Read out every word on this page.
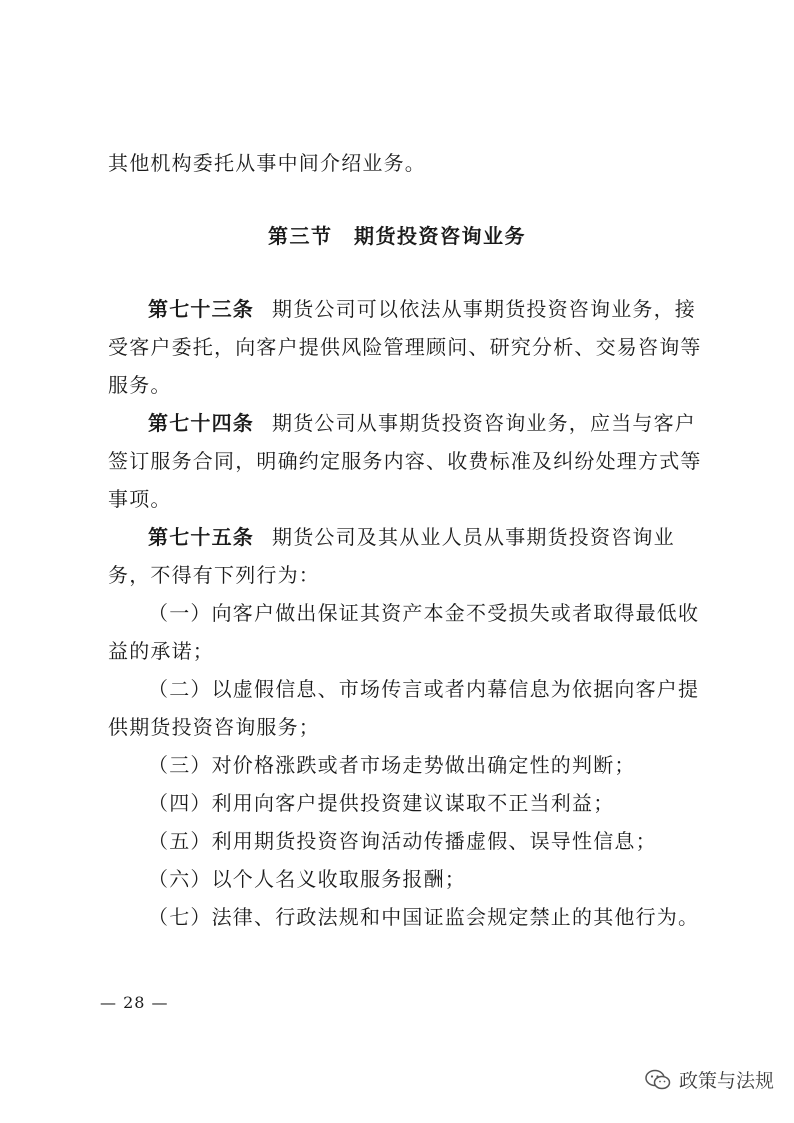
其他机构委托从事中间介绍业务。
第三节　期货投资咨询业务
第七十三条 期货公司可以依法从事期货投资咨询业务，接
受客户委托，向客户提供风险管理顾问、研究分析、交易咨询等
服务。
第七十四条 期货公司从事期货投资咨询业务，应当与客户
签订服务合同，明确约定服务内容、收费标准及纠纷处理方式等
事项。
第七十五条 期货公司及其从业人员从事期货投资咨询业
务，不得有下列行为：
（一）向客户做出保证其资产本金不受损失或者取得最低收
益的承诺；
（二）以虚假信息、市场传言或者内幕信息为依据向客户提
供期货投资咨询服务；
（三）对价格涨跌或者市场走势做出确定性的判断；
（四）利用向客户提供投资建议谋取不正当利益；
（五）利用期货投资咨询活动传播虚假、误导性信息；
（六）以个人名义收取服务报酬；
（七）法律、行政法规和中国证监会规定禁止的其他行为。
— 28 —
政策与法规
